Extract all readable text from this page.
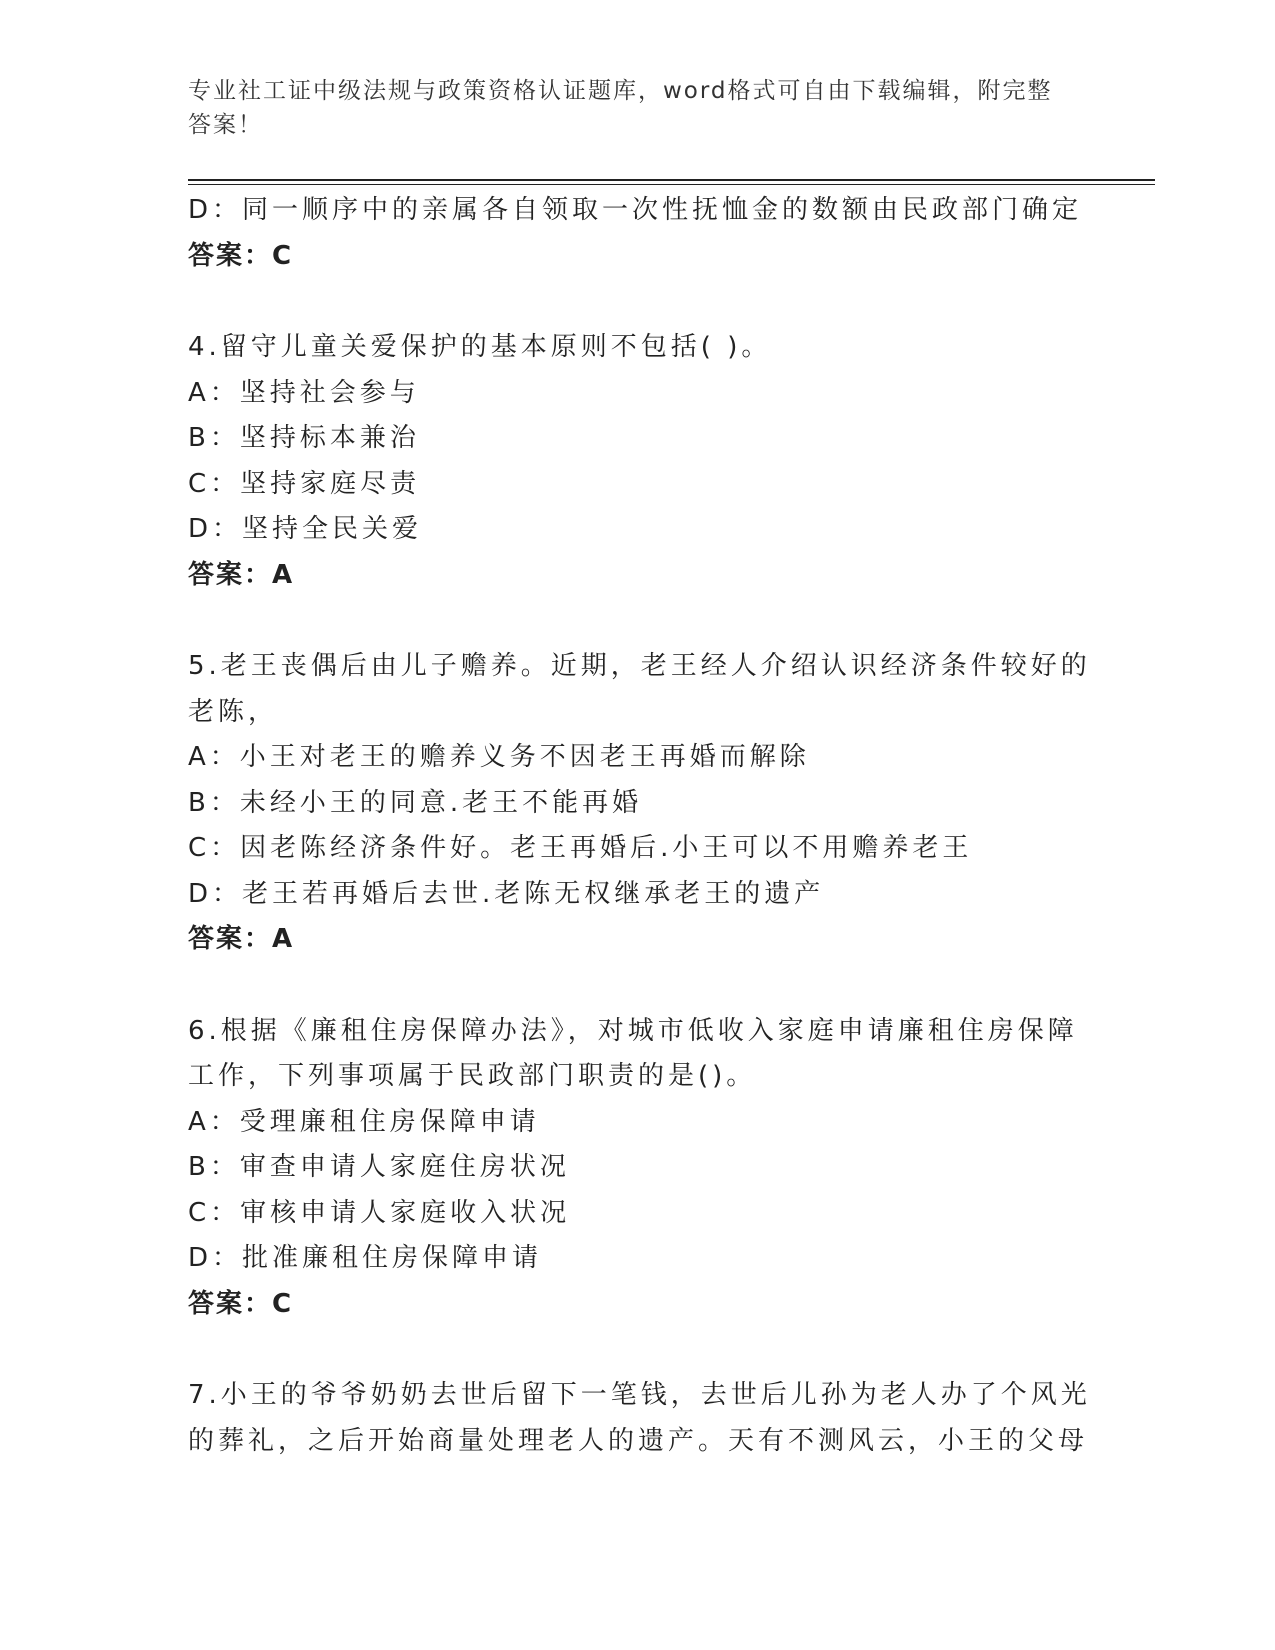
专业社工证中级法规与政策资格认证题库，word格式可自由下载编辑，附完整答案！
D：同一顺序中的亲属各自领取一次性抚恤金的数额由民政部门确定
答案：C
4.留守儿童关爱保护的基本原则不包括( )。
A：坚持社会参与
B：坚持标本兼治
C：坚持家庭尽责
D：坚持全民关爱
答案：A
5.老王丧偶后由儿子赡养。近期，老王经人介绍认识经济条件较好的
老陈，
A：小王对老王的赡养义务不因老王再婚而解除
B：未经小王的同意.老王不能再婚
C：因老陈经济条件好。老王再婚后.小王可以不用赡养老王
D：老王若再婚后去世.老陈无权继承老王的遗产
答案：A
6.根据《廉租住房保障办法》，对城市低收入家庭申请廉租住房保障
工作，下列事项属于民政部门职责的是()。
A：受理廉租住房保障申请
B：审查申请人家庭住房状况
C：审核申请人家庭收入状况
D：批准廉租住房保障申请
答案：C
7.小王的爷爷奶奶去世后留下一笔钱，去世后儿孙为老人办了个风光
的葬礼，之后开始商量处理老人的遗产。天有不测风云，小王的父母
